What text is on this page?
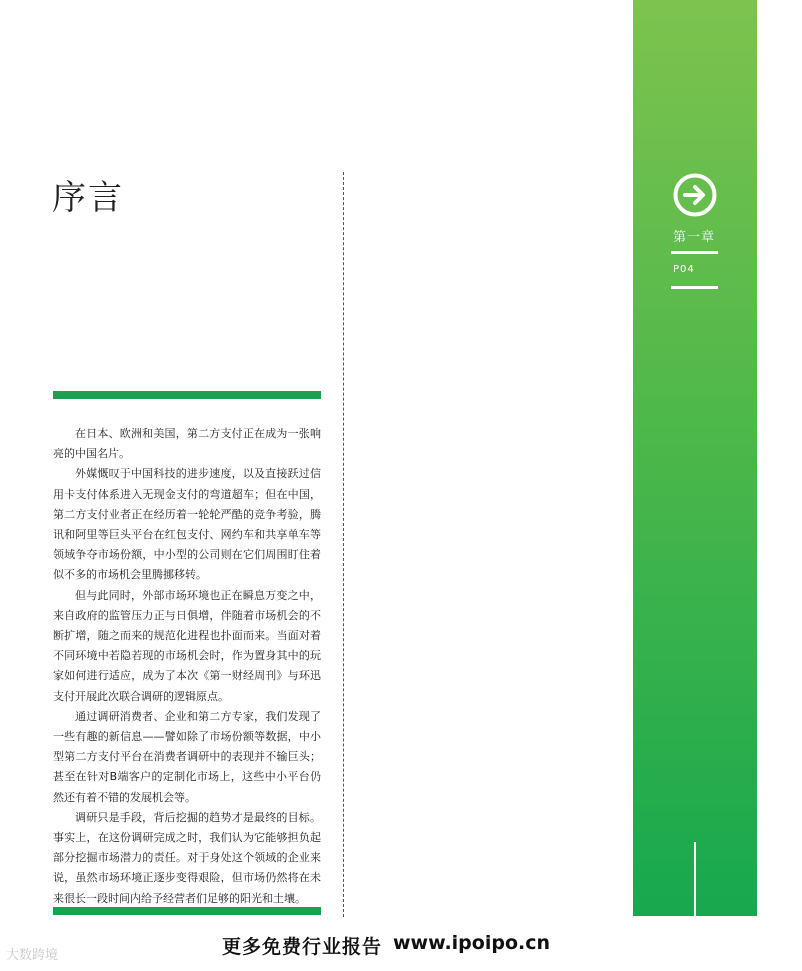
序言

在日本、欧洲和美国，第二方支付正在成为一张响亮的中国名片。

外媒慨叹于中国科技的进步速度，以及直接跃过信用卡支付体系进入无现金支付的弯道超车；但在中国，第二方支付业者正在经历着一轮轮严酷的竞争考验，腾讯和阿里等巨头平台在红包支付、网约车和共享单车等领域争夺市场份额，中小型的公司则在它们周围盯住着似不多的市场机会里腾挪移转。

但与此同时，外部市场环境也正在瞬息万变之中，来自政府的监管压力正与日俱增，伴随着市场机会的不断扩增，随之而来的规范化进程也扑面而来。当面对着不同环境中若隐若现的市场机会时，作为置身其中的玩家如何进行适应，成为了本次《第一财经周刊》与环迅支付开展此次联合调研的逻辑原点。

通过调研消费者、企业和第二方专家，我们发现了一些有趣的新信息——譬如除了市场份额等数据，中小型第二方支付平台在消费者调研中的表现并不输巨头；甚至在针对B端客户的定制化市场上，这些中小平台仍然还有着不错的发展机会等。

调研只是手段，背后挖掘的趋势才是最终的目标。事实上，在这份调研完成之时，我们认为它能够担负起部分挖掘市场潜力的责任。对于身处这个领域的企业来说，虽然市场环境正逐步变得艰险，但市场仍然将在未来很长一段时间内给予经营者们足够的阳光和土壤。

第一章
P04
更多免费行业报告 www.ipoipo.cn
大数跨境
